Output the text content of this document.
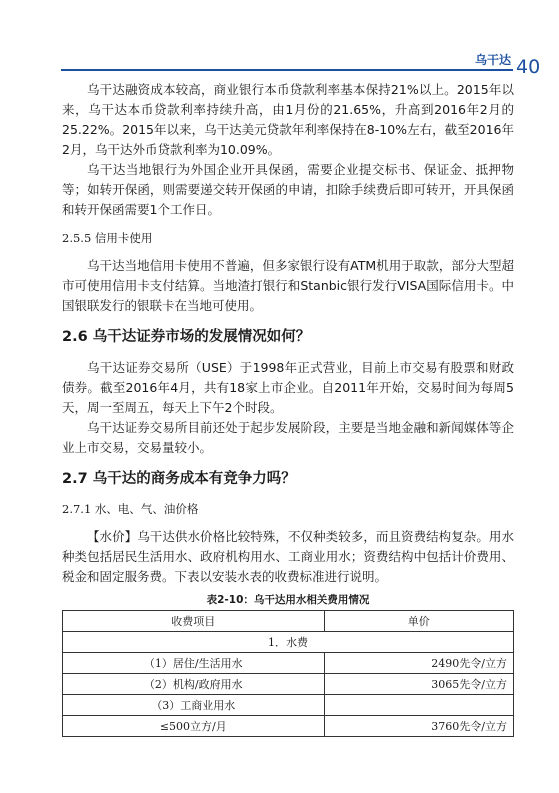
乌干达 40

乌干达融资成本较高，商业银行本币贷款利率基本保持21%以上。2015年以来，乌干达本币贷款利率持续升高，由1月份的21.65%，升高到2016年2月的25.22%。2015年以来，乌干达美元贷款年利率保持在8-10%左右，截至2016年2月，乌干达外币贷款利率为10.09%。

乌干达当地银行为外国企业开具保函，需要企业提交标书、保证金、抵押物等；如转开保函，则需要递交转开保函的申请，扣除手续费后即可转开，开具保函和转开保函需要1个工作日。

2.5.5 信用卡使用

乌干达当地信用卡使用不普遍，但多家银行设有ATM机用于取款，部分大型超市可使用信用卡支付结算。当地渣打银行和Stanbic银行发行VISA国际信用卡。中国银联发行的银联卡在当地可使用。

2.6 乌干达证券市场的发展情况如何？

乌干达证券交易所（USE）于1998年正式营业，目前上市交易有股票和财政债券。截至2016年4月，共有18家上市企业。自2011年开始，交易时间为每周5天，周一至周五，每天上下午2个时段。

乌干达证券交易所目前还处于起步发展阶段，主要是当地金融和新闻媒体等企业上市交易，交易量较小。

2.7 乌干达的商务成本有竞争力吗？
2.7.1 水、电、气、油价格

【水价】乌干达供水价格比较特殊，不仅种类较多，而且资费结构复杂。用水种类包括居民生活用水、政府机构用水、工商业用水；资费结构中包括计价费用、税金和固定服务费。下表以安装水表的收费标准进行说明。

表2-10：乌干达用水相关费用情况
收费项目	单价
1．水费	
（1）居住/生活用水	2490先令/立方
（2）机构/政府用水	3065先令/立方
（3）工商业用水	
≤500立方/月	3760先令/立方
